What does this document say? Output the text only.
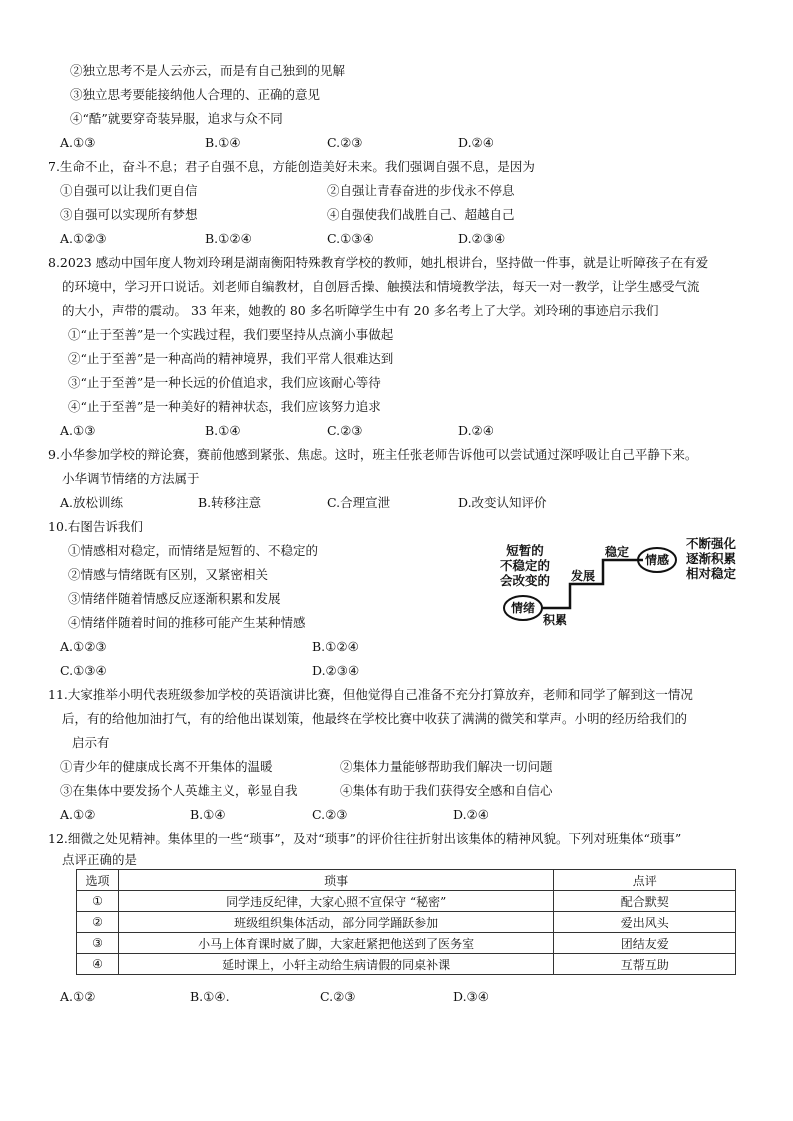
②独立思考不是人云亦云，而是有自己独到的见解
③独立思考要能接纳他人合理的、正确的意见
④“酷”就要穿奇装异服，追求与众不同
A.①③	B.①④	C.②③	D.②④
7.生命不止，奋斗不息；君子自强不息，方能创造美好未来。我们强调自强不息，是因为
①自强可以让我们更自信	②自强让青春奋进的步伐永不停息
③自强可以实现所有梦想	④自强使我们战胜自己、超越自己
A.①②③	B.①②④	C.①③④	D.②③④
8.2023 感动中国年度人物刘玲琍是湖南衡阳特殊教育学校的教师，她扎根讲台，坚持做一件事，就是让听障孩子在有爱
的环境中，学习开口说话。刘老师自编教材，自创唇舌操、触摸法和情境教学法，每天一对一教学，让学生感受气流
的大小，声带的震动。 33 年来，她教的 80 多名听障学生中有 20 多名考上了大学。刘玲琍的事迹启示我们
①“止于至善”是一个实践过程，我们要坚持从点滴小事做起
②“止于至善”是一种高尚的精神境界，我们平常人很难达到
③“止于至善”是一种长远的价值追求，我们应该耐心等待
④“止于至善”是一种美好的精神状态，我们应该努力追求
A.①③	B.①④	C.②③	D.②④
9.小华参加学校的辩论赛，赛前他感到紧张、焦虑。这时，班主任张老师告诉他可以尝试通过深呼吸让自己平静下来。
小华调节情绪的方法属于
A.放松训练	B.转移注意	C.合理宣泄	D.改变认知评价
10.右图告诉我们
①情感相对稳定，而情绪是短暂的、不稳定的
②情感与情绪既有区别，又紧密相关
③情绪伴随着情感反应逐渐积累和发展
④情绪伴随着时间的推移可能产生某种情感
A.①②③	B.①②④
C.①③④	D.②③④
短暂的
不稳定的
会改变的
情绪
积累
发展
稳定
情感
不断强化
逐渐积累
相对稳定
11.大家推举小明代表班级参加学校的英语演讲比赛，但他觉得自己准备不充分打算放弃，老师和同学了解到这一情况
后，有的给他加油打气，有的给他出谋划策，他最终在学校比赛中收获了满满的微笑和掌声。小明的经历给我们的
启示有
①青少年的健康成长离不开集体的温暖	②集体力量能够帮助我们解决一切问题
③在集体中要发扬个人英雄主义，彰显自我	④集体有助于我们获得安全感和自信心
A.①②	B.①④	C.②③	D.②④
12.细微之处见精神。集体里的一些“琐事”，及对“琐事”的评价往往折射出该集体的精神风貌。下列对班集体“琐事”
点评正确的是
选项	琐事	点评
①	同学违反纪律，大家心照不宣保守 “秘密”	配合默契
②	班级组织集体活动，部分同学踊跃参加	爱出风头
③	小马上体育课时崴了脚，大家赶紧把他送到了医务室	团结友爱
④	延时课上，小轩主动给生病请假的同桌补课	互帮互助
A.①②	B.①④.	C.②③	D.③④
